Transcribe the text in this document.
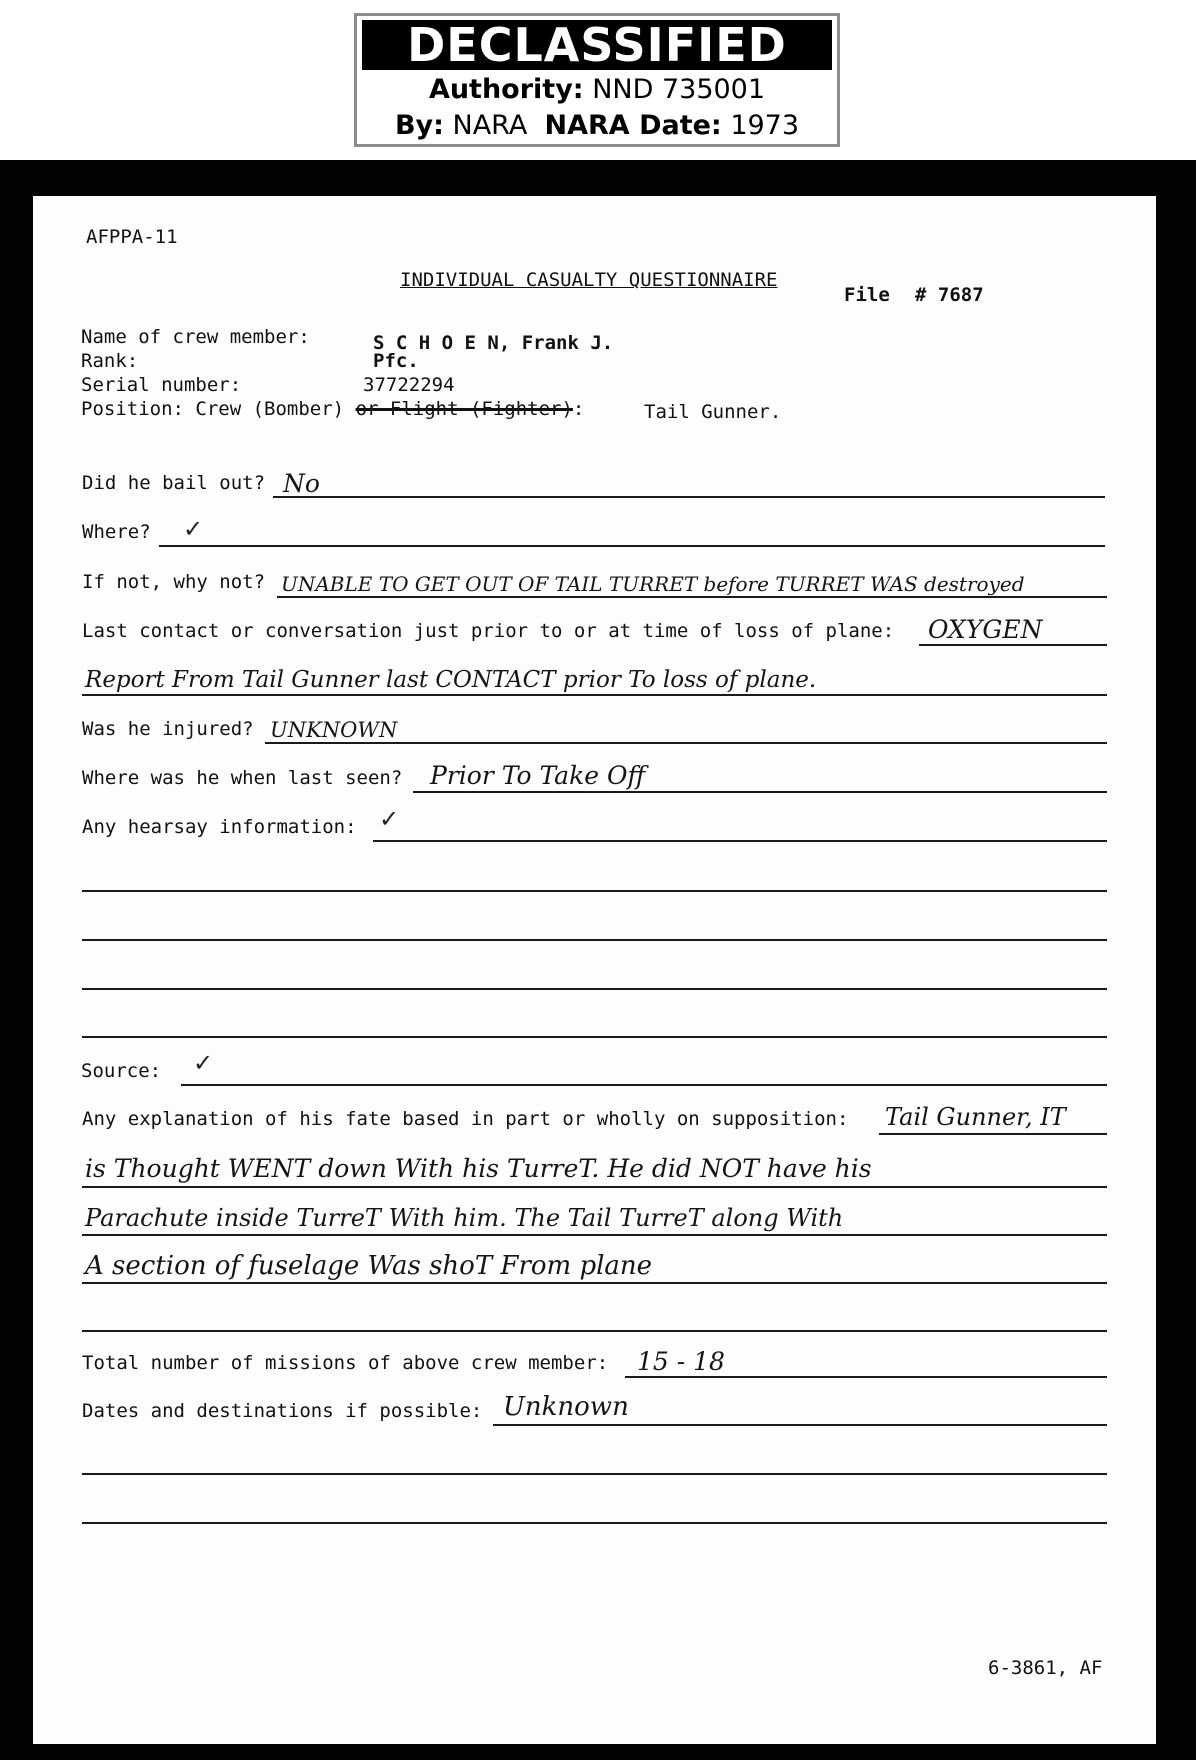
DECLASSIFIED
Authority: NND 735001
By: NARA NARA Date: 1973
AFPPA-11
INDIVIDUAL CASUALTY QUESTIONNAIRE
File # 7687
Name of crew member:	S C H O E N, Frank J.
Rank:	Pfc.
Serial number:	37722294
Position: Crew (Bomber) or Flight (Fighter):	Tail Gunner.
Did he bail out? No
Where? ✓
If not, why not? UNABLE TO GET OUT OF TAIL TURRET before TURRET WAS destroyed
Last contact or conversation just prior to or at time of loss of plane: OXYGEN
Report From Tail Gunner last CONTACT prior To loss of plane.
Was he injured? UNKNOWN
Where was he when last seen? Prior To Take Off
Any hearsay information: ✓
Source: ✓
Any explanation of his fate based in part or wholly on supposition: Tail Gunner, IT
is Thought WENT down With his TurreT. He did NOT have his
Parachute inside TurreT With him. The Tail TurreT along With
A section of fuselage Was shoT From plane
Total number of missions of above crew member: 15 - 18
Dates and destinations if possible: Unknown
6-3861, AF
